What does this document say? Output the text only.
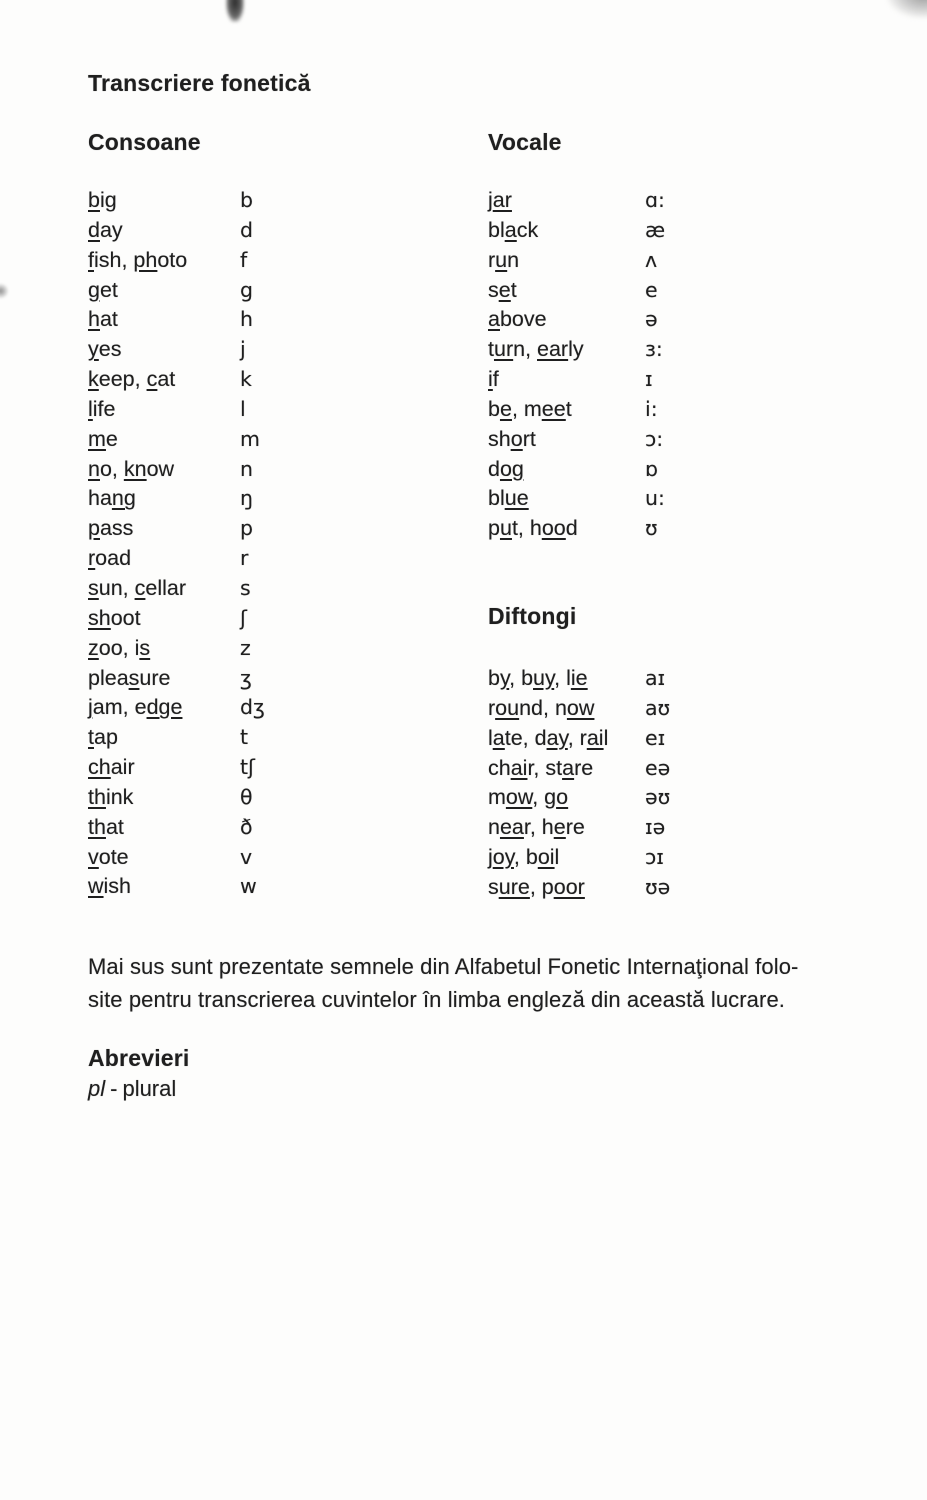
Transcriere fonetică
Consoane	Vocale
big	b
day	d
fish, photo	f
get	g
hat	h
yes	j
keep, cat	k
life	l
me	m
no, know	n
hang	ŋ
pass	p
road	r
sun, cellar	s
shoot	ʃ
zoo, is	z
pleasure	ʒ
jam, edge	dʒ
tap	t
chair	tʃ
think	θ
that	ð
vote	v
wish	w
jar	ɑ:
black	æ
run	ʌ
set	e
above	ə
turn, early	ɜ:
if	ɪ
be, meet	i:
short	ɔ:
dog	ɒ
blue	u:
put, hood	ʊ
Diftongi
by, buy, lie	aɪ
round, now	aʊ
late, day, rail	eɪ
chair, stare	eə
mow, go	əʊ
near, here	ɪə
joy, boil	ɔɪ
sure, poor	ʊə

Mai sus sunt prezentate semnele din Alfabetul Fonetic Internaţional folo-
site pentru transcrierea cuvintelor în limba engleză din această lucrare.

Abrevieri

pl - plural
